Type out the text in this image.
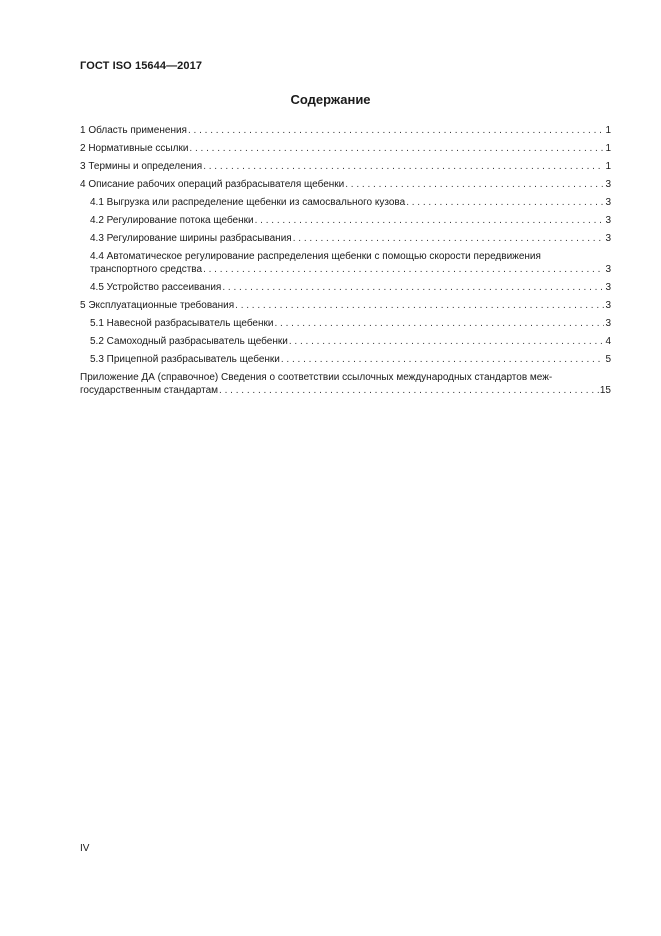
ГОСТ ISO 15644—2017
Содержание
1 Область применения . . .	1
2 Нормативные ссылки . . .	1
3 Термины и определения . . .	1
4 Описание рабочих операций разбрасывателя щебенки . . .	3
4.1 Выгрузка или распределение щебенки из самосвального кузова . . .	3
4.2 Регулирование потока щебенки . . .	3
4.3 Регулирование ширины разбрасывания . . .	3
4.4 Автоматическое регулирование распределения щебенки с помощью скорости передвижения
транспортного средства . . .	3
4.5 Устройство рассеивания . . .	3
5 Эксплуатационные требования . . .	3
5.1 Навесной разбрасыватель щебенки . . .	3
5.2 Самоходный разбрасыватель щебенки . . .	4
5.3 Прицепной разбрасыватель щебенки . . .	5
Приложение ДА (справочное) Сведения о соответствии ссылочных международных стандартов меж-
государственным стандартам . . .	15
IV
